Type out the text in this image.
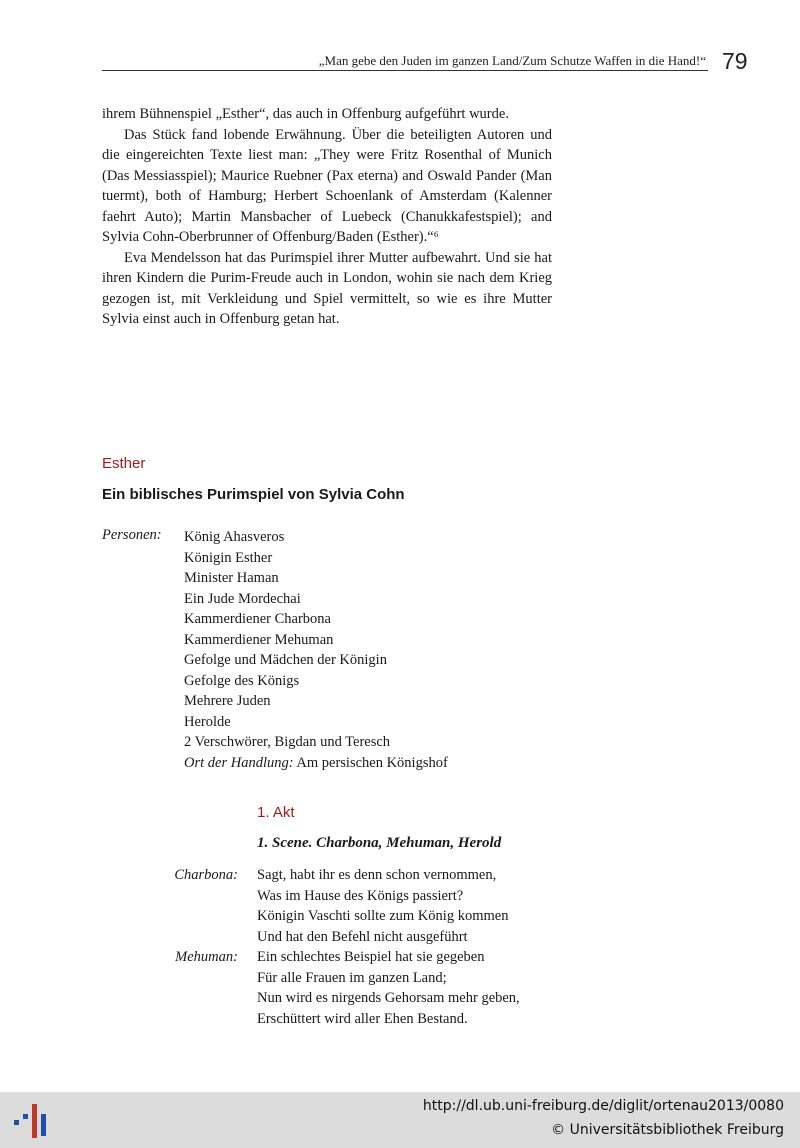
„Man gebe den Juden im ganzen Land/Zum Schutze Waffen in die Hand!“ 79

ihrem Bühnenspiel „Esther“, das auch in Offenburg aufgeführt wurde.

Das Stück fand lobende Erwähnung. Über die beteiligten Autoren und die eingereichten Texte liest man: „They were Fritz Rosenthal of Munich (Das Messiasspiel); Maurice Ruebner (Pax eterna) and Oswald Pander (Man tuermt), both of Hamburg; Herbert Schoenlank of Amsterdam (Kalenner faehrt Auto); Martin Mansbacher of Luebeck (Chanukkafestspiel); and Sylvia Cohn-Oberbrunner of Offenburg/Baden (Esther).“⁶

Eva Mendelsson hat das Purimspiel ihrer Mutter aufbewahrt. Und sie hat ihren Kindern die Purim-Freude auch in London, wohin sie nach dem Krieg gezogen ist, mit Verkleidung und Spiel vermittelt, so wie es ihre Mutter Sylvia einst auch in Offenburg getan hat.

Esther
Ein biblisches Purimspiel von Sylvia Cohn
Personen: König Ahasveros
Königin Esther
Minister Haman
Ein Jude Mordechai
Kammerdiener Charbona
Kammerdiener Mehuman
Gefolge und Mädchen der Königin
Gefolge des Königs
Mehrere Juden
Herolde
2 Verschwörer, Bigdan und Teresch
Ort der Handlung: Am persischen Königshof
1. Akt
1. Scene. Charbona, Mehuman, Herold
Charbona:	Sagt, habt ihr es denn schon vernommen,
Was im Hause des Königs passiert?
Königin Vaschti sollte zum König kommen
Und hat den Befehl nicht ausgeführt
Mehuman:	Ein schlechtes Beispiel hat sie gegeben
Für alle Frauen im ganzen Land;
Nun wird es nirgends Gehorsam mehr geben,
Erschüttert wird aller Ehen Bestand.
http://dl.ub.uni-freiburg.de/diglit/ortenau2013/0080
© Universitätsbibliothek Freiburg
